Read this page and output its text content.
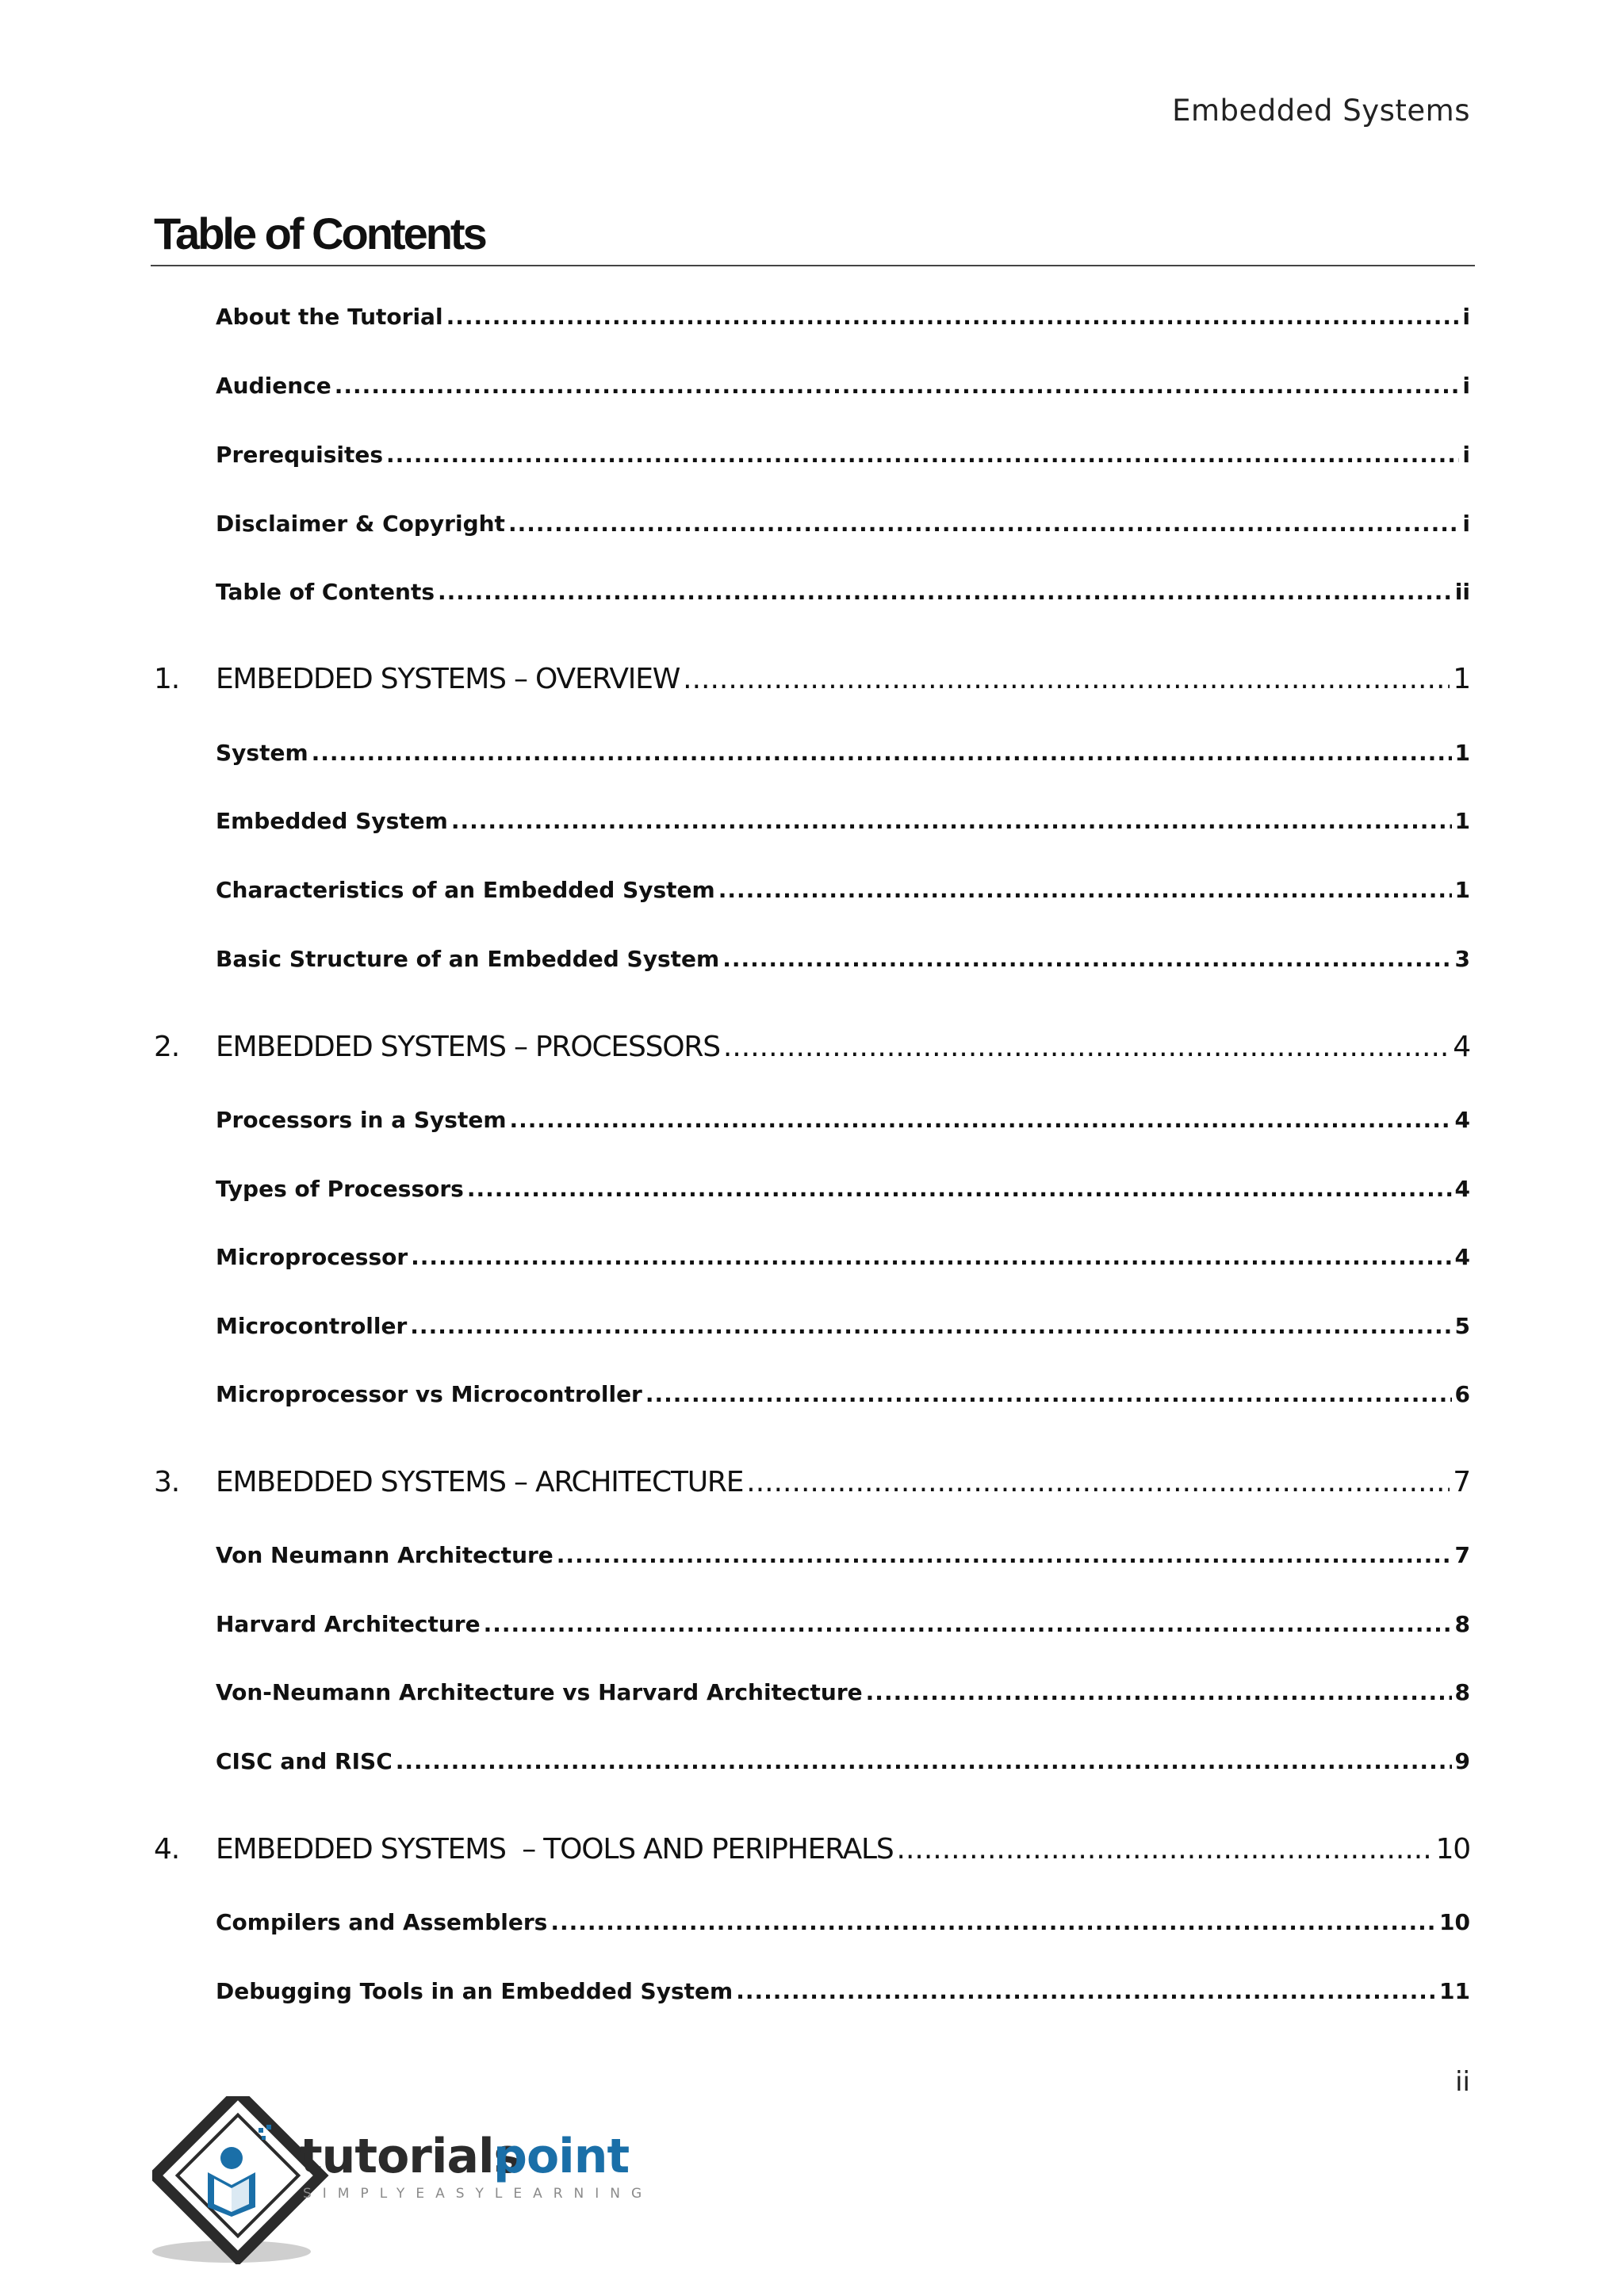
Embedded Systems
Table of Contents
About the Tutorial .....	i
Audience .....	i
Prerequisites .....	i
Disclaimer & Copyright .....	i
Table of Contents .....	ii
1.	EMBEDDED SYSTEMS – OVERVIEW .....	1
System .....	1
Embedded System .....	1
Characteristics of an Embedded System .....	1
Basic Structure of an Embedded System .....	3
2.	EMBEDDED SYSTEMS – PROCESSORS .....	4
Processors in a System .....	4
Types of Processors .....	4
Microprocessor .....	4
Microcontroller .....	5
Microprocessor vs Microcontroller .....	6
3.	EMBEDDED SYSTEMS – ARCHITECTURE .....	7
Von Neumann Architecture .....	7
Harvard Architecture .....	8
Von-Neumann Architecture vs Harvard Architecture .....	8
CISC and RISC .....	9
4.	EMBEDDED SYSTEMS  – TOOLS AND PERIPHERALS .....	10
Compilers and Assemblers .....	10
Debugging Tools in an Embedded System .....	11
ii
tutorials
point
SIMPLYEASYLEARNING
